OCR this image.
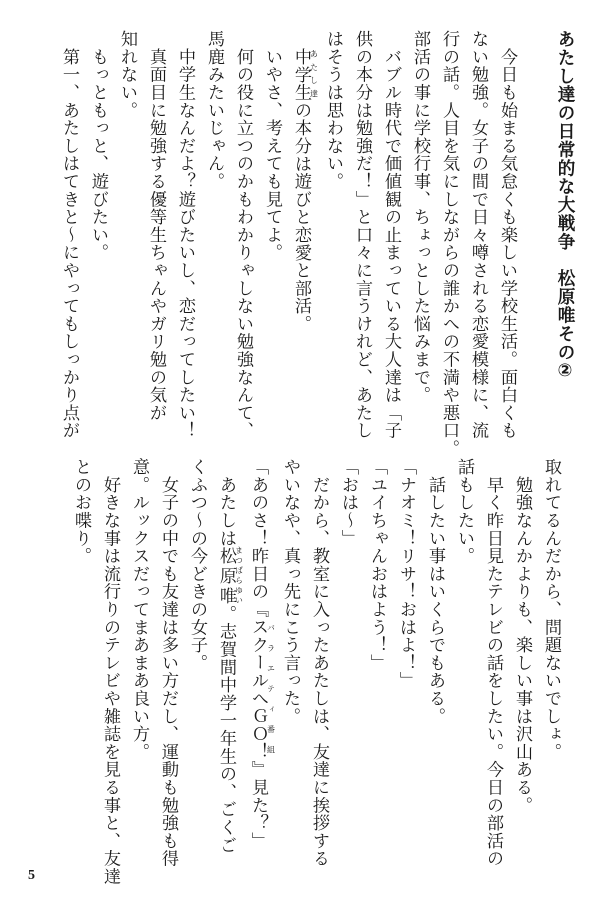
あたし達の日常的な大戦争　松原唯その②

　今日も始まる気怠くも楽しい学校生活。面白くも
ない勉強。女子の間で日々噂される恋愛模様に、流
行の話。人目を気にしながらの誰かへの不満や悪口。
部活の事に学校行事、ちょっとした悩みまで。
　バブル時代で価値観の止まっている大人達は「子
供の本分は勉強だ！」と口々に言うけれど、あたし
はそうは思わない。
　中学生あたし達の本分は遊びと恋愛と部活。
　いやさ、考えても見てよ。
　何の役に立つのかもわかりゃしない勉強なんて、
馬鹿みたいじゃん。
　中学生なんだよ？遊びたいし、恋だってしたい！
　真面目に勉強する優等生ちゃんやガリ勉の気が
知れない。
　もっともっと、遊びたい。
　第一、あたしはてきと～にやってもしっかり点が
取れてるんだから、問題ないでしょ。
　勉強なんかよりも、楽しい事は沢山ある。
　早く昨日見たテレビの話をしたい。今日の部活の
話もしたい。
　話したい事はいくらでもある。
「ナオミ！リサ！おはよ！」
「ユイちゃんおはよう！」
「おは～」
　だから、教室に入ったあたしは、友達に挨拶する
やいなや、真っ先にこう言った。
「あのさ！昨日の『スクールへＧＯ！バラエティ番組』見た？」
　あたしは松原唯まつばらゆい。志賀間中学一年生の、ごくご
くふつ～の今どきの女子。
　女子の中でも友達は多い方だし、運動も勉強も得
意。ルックスだってまあまあ良い方。
　好きな事は流行りのテレビや雑誌を見る事と、友達
とのお喋り。
5
